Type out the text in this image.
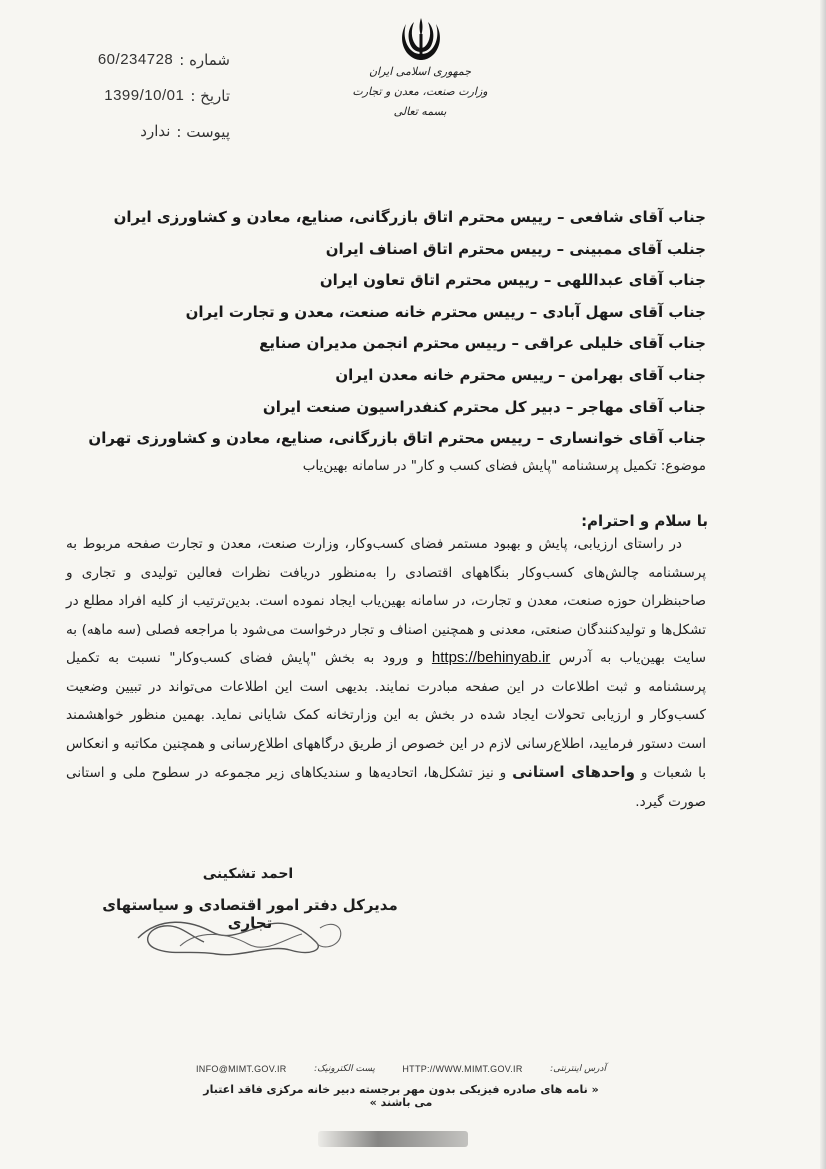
جمهوری اسلامی ایران
وزارت صنعت، معدن و تجارت
بسمه تعالی
شماره :
60/234728
تاریخ :
1399/10/01
پیوست :
ندارد
جناب آقای شافعی – رییس محترم اتاق بازرگانی، صنایع، معادن و کشاورزی ایران
جنلب آقای ممبینی – رییس محترم اتاق اصناف ایران
جناب آقای عبداللهی – رییس محترم اتاق تعاون ایران
جناب آقای سهل آبادی – رییس محترم خانه صنعت، معدن و تجارت ایران
جناب آقای خلیلی عراقی – رییس محترم انجمن مدیران صنایع
جناب آقای بهرامن – رییس محترم خانه معدن ایران
جناب آقای مهاجر – دبیر کل محترم کنفدراسیون صنعت ایران
جناب آقای خوانساری – رییس محترم اتاق بازرگانی، صنایع، معادن و کشاورزی تهران
موضوع: تکمیل پرسشنامه "پایش فضای کسب و کار" در سامانه بهین‌یاب
با سلام و احترام:

در راستای ارزیابی، پایش و بهبود مستمر فضای کسب‌وکار، وزارت صنعت، معدن و تجارت صفحه مربوط به پرسشنامه چالش‌های کسب‌وکار بنگاههای اقتصادی را به‌منظور دریافت نظرات فعالین تولیدی و تجاری و صاحبنظران حوزه صنعت، معدن و تجارت، در سامانه بهین‌یاب ایجاد نموده است. بدین‌ترتیب از کلیه افراد مطلع در تشکل‌ها و تولیدکنندگان صنعتی، معدنی و همچنین اصناف و تجار درخواست می‌شود با مراجعه فصلی (سه ماهه) به سایت بهین‌یاب به آدرس https://behinyab.ir و ورود به بخش "پایش فضای کسب‌وکار" نسبت به تکمیل پرسشنامه و ثبت اطلاعات در این صفحه مبادرت نمایند. بدیهی است این اطلاعات می‌تواند در تبیین وضعیت کسب‌وکار و ارزیابی تحولات ایجاد شده در بخش به این وزارتخانه کمک شایانی نماید. بهمین منظور خواهشمند است دستور فرمایید، اطلاع‌رسانی لازم در این خصوص از طریق درگاههای اطلاع‌رسانی و همچنین مکاتبه و انعکاس با شعبات و واحدهای استانی و نیز تشکل‌ها، اتحادیه‌ها و سندیکاهای زیر مجموعه در سطوح ملی و استانی صورت گیرد.

احمد تشکینی
مدیرکل دفتر امور اقتصادی و سیاستهای تجاری
INFO@MIMT.GOV.IR	پست الکترونیک:	HTTP://WWW.MIMT.GOV.IR	آدرس اینترنتی:
« نامه های صادره فیزیکی بدون مهر برجسته دبیر خانه مرکزی فاقد اعتبار می باشند »
